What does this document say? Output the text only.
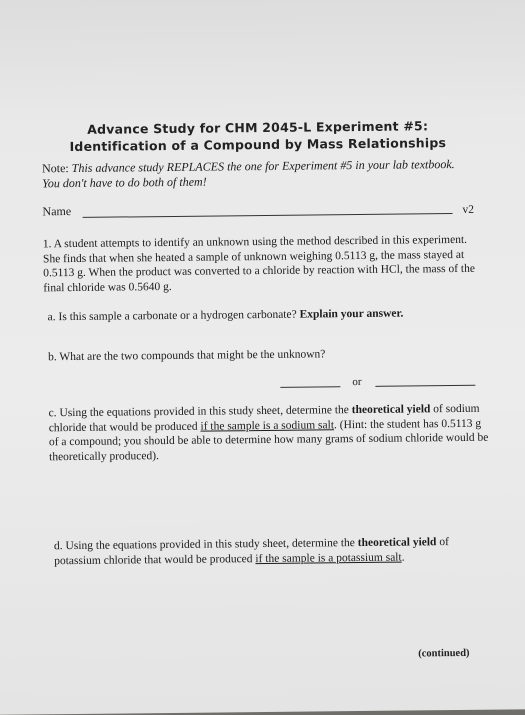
Advance Study for CHM 2045-L Experiment #5:
Identification of a Compound by Mass Relationships
Note: This advance study REPLACES the one for Experiment #5 in your lab textbook.
You don't have to do both of them!
Name	v2
1. A student attempts to identify an unknown using the method described in this experiment. She finds that when she heated a sample of unknown weighing 0.5113 g, the mass stayed at 0.5113 g. When the product was converted to a chloride by reaction with HCl, the mass of the final chloride was 0.5640 g.
a. Is this sample a carbonate or a hydrogen carbonate? Explain your answer.
b. What are the two compounds that might be the unknown?
or
c. Using the equations provided in this study sheet, determine the theoretical yield of sodium chloride that would be produced if the sample is a sodium salt. (Hint: the student has 0.5113 g of a compound; you should be able to determine how many grams of sodium chloride would be theoretically produced).
d. Using the equations provided in this study sheet, determine the theoretical yield of potassium chloride that would be produced if the sample is a potassium salt.
(continued)
